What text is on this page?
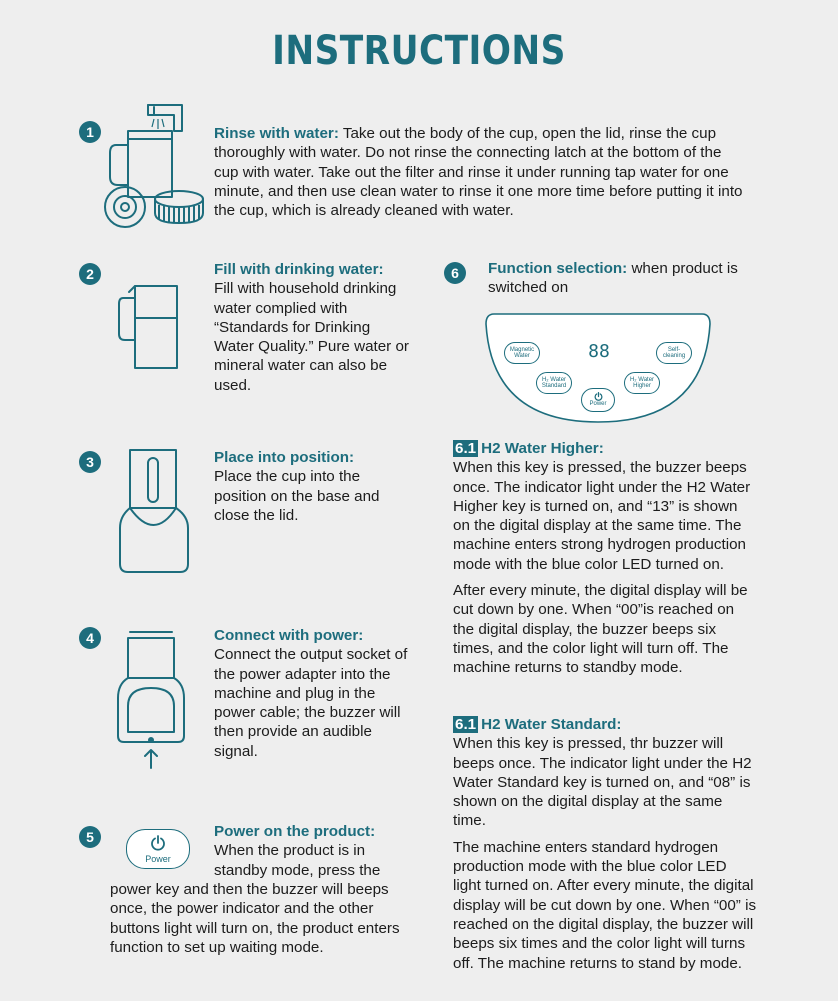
INSTRUCTIONS
1	Rinse with water: Take out the body of the cup, open the lid, rinse the cup thoroughly with water. Do not rinse the connecting latch at the bottom of the cup with water. Take out the filter and rinse it under running tap water for one minute, and then use clean water to rinse it one more time before putting it into the cup, which is already cleaned with water.
2	Fill with drinking water:

Fill with household drinking water complied with “Standards for Drinking Water Quality.” Pure water or mineral water can also be used.

3	Place into position:

Place the cup into the position on the base and close the lid.

4	Connect with power:

Connect the output socket of the power adapter into the machine and plug in the power cable; the buzzer will then provide an audible signal.

5
Power

Power on the product:

When the product is in standby mode, press the

power key and then the buzzer will beeps once, the power indicator and the other buttons light will turn on, the product enters function to set up waiting mode.
6	Function selection: when product is switched on
Magnetic Water	88	Self-cleaning
H₂ Water Standard
H₂ Water Higher
Power

6.1 H2 Water Higher:

When this key is pressed, the buzzer beeps once. The indicator light under the H2 Water Higher key is turned on, and “13” is shown on the digital display at the same time. The machine enters strong hydrogen production mode with the blue color LED turned on.

After every minute, the digital display will be cut down by one. When “00”is reached on the digital display, the buzzer beeps six times, and the color light will turn off. The machine returns to standby mode.

6.1 H2 Water Standard:

When this key is pressed, thr buzzer will beeps once. The indicator light under the H2 Water Standard key is turned on, and “08” is shown on the digital display at the same time.

The machine enters standard hydrogen production mode with the blue color LED light turned on. After every minute, the digital display will be cut down by one. When “00” is reached on the digital display, the buzzer will beeps six times and the color light will turns off. The machine returns to stand by mode.
